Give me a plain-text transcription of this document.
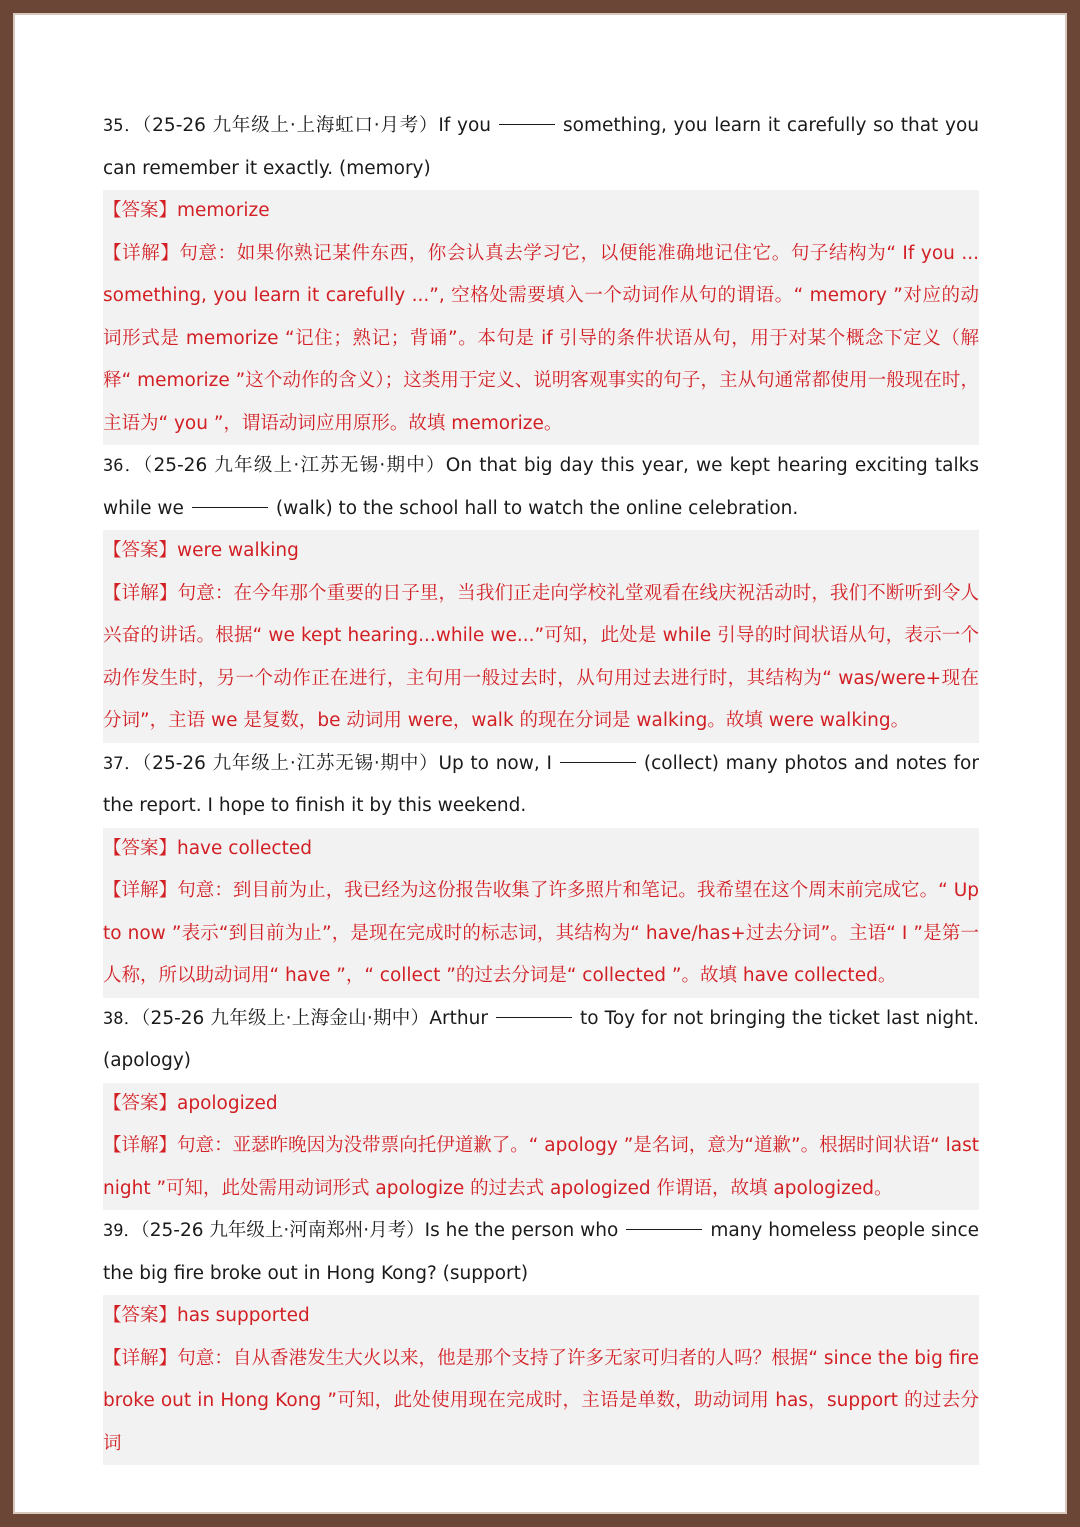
35．（25-26 九年级上·上海虹口·月考）If you	something, you learn it carefully so that you can remember it exactly. (memory)

【答案】memorize

【详解】句意：如果你熟记某件东西，你会认真去学习它，以便能准确地记住它。句子结构为“ If you ... something, you learn it carefully ...”, 空格处需要填入一个动词作从句的谓语。“ memory ”对应的动词形式是 memorize “记住；熟记；背诵”。本句是 if 引导的条件状语从句，用于对某个概念下定义（解释“ memorize ”这个动作的含义）；这类用于定义、说明客观事实的句子，主从句通常都使用一般现在时，主语为“ you ”，谓语动词应用原形。故填 memorize。

36．（25-26 九年级上·江苏无锡·期中）On that big day this year, we kept hearing exciting talks while we	(walk) to the school hall to watch the online celebration.

【答案】were walking

【详解】句意：在今年那个重要的日子里，当我们正走向学校礼堂观看在线庆祝活动时，我们不断听到令人兴奋的讲话。根据“ we kept hearing...while we...”可知，此处是 while 引导的时间状语从句，表示一个动作发生时，另一个动作正在进行，主句用一般过去时，从句用过去进行时，其结构为“ was/were+现在分词”，主语 we 是复数，be 动词用 were，walk 的现在分词是 walking。故填 were walking。

37．（25-26 九年级上·江苏无锡·期中）Up to now, I	(collect) many photos and notes for the report. I hope to finish it by this weekend.

【答案】have collected

【详解】句意：到目前为止，我已经为这份报告收集了许多照片和笔记。我希望在这个周末前完成它。“ Up to now ”表示“到目前为止”，是现在完成时的标志词，其结构为“ have/has+过去分词”。主语“ I ”是第一人称，所以助动词用“ have ”，“ collect ”的过去分词是“ collected ”。故填 have collected。

38．（25-26 九年级上·上海金山·期中）Arthur	to Toy for not bringing the ticket last night. (apology)

【答案】apologized

【详解】句意：亚瑟昨晚因为没带票向托伊道歉了。“ apology ”是名词，意为“道歉”。根据时间状语“ last night ”可知，此处需用动词形式 apologize 的过去式 apologized 作谓语，故填 apologized。

39．（25-26 九年级上·河南郑州·月考）Is he the person who	many homeless people since the big fire broke out in Hong Kong? (support)

【答案】has supported

【详解】句意：自从香港发生大火以来，他是那个支持了许多无家可归者的人吗？根据“ since the big fire broke out in Hong Kong ”可知，此处使用现在完成时，主语是单数，助动词用 has，support 的过去分词
